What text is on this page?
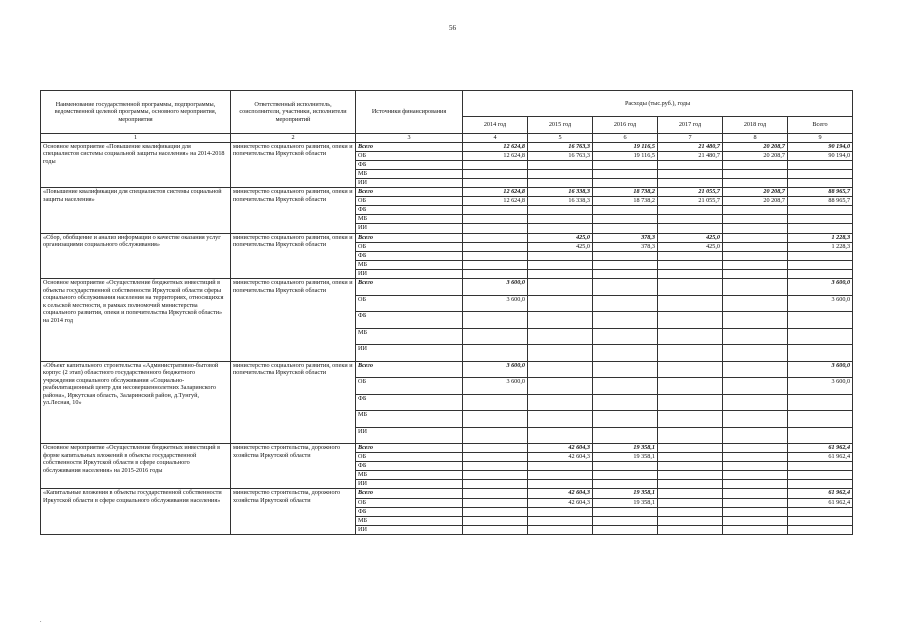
56
Наименование государственной программы, подпрограммы, ведомственной целевой программы, основного мероприятия, мероприятия	Ответственный исполнитель, соисполнители, участники, исполнители мероприятий	Источники финансирования	Расходы (тыс.руб.), годы					
			2014 год	2015 год	2016 год	2017 год	2018 год	Всего
1	2	3	4	5	6	7	8	9
Основное мероприятие «Повышение квалификации для специалистов системы социальной защиты населения» на 2014-2018 годы	министерство социального развития, опеки и попечительства Иркутской области	Всего	12 624,8	16 763,3	19 116,5	21 480,7	20 208,7	90 194,0
		ОБ	12 624,8	16 763,3	19 116,5	21 480,7	20 208,7	90 194,0
		ФБ						
		МБ						
		ИИ						
«Повышение квалификации для специалистов системы социальной защиты населения»	министерство социального развития, опеки и попечительства Иркутской области	Всего	12 624,8	16 338,3	18 738,2	21 055,7	20 208,7	88 965,7
		ОБ	12 624,8	16 338,3	18 738,2	21 055,7	20 208,7	88 965,7
		ФБ						
		МБ						
		ИИ						
«Сбор, обобщение и анализ информации о качестве оказания услуг организациями социального обслуживания»	министерство социального развития, опеки и попечительства Иркутской области	Всего		425,0	378,3	425,0		1 228,3
		ОБ		425,0	378,3	425,0		1 228,3
		ФБ						
		МБ						
		ИИ						
Основное мероприятие «Осуществление бюджетных инвестиций в объекты государственной собственности Иркутской области сферы социального обслуживания населения на территориях, относящихся к сельской местности, в рамках полномочий министерства социального развития, опеки и попечительства Иркутской области» на 2014 год	министерство социального развития, опеки и попечительства Иркутской области	Всего	3 600,0					3 600,0
		ОБ	3 600,0					3 600,0
		ФБ						
		МБ						
		ИИ						
«Объект капитального строительства «Административно-бытовой корпус (2 этап) областного государственного бюджетного учреждения социального обслуживания «Социально-реабилитационный центр для несовершеннолетних Заларинского района», Иркутская область, Заларинский район, д.Тунгуй, ул.Лесная, 10»	министерство социального развития, опеки и попечительства Иркутской области	Всего	3 600,0					3 600,0
		ОБ	3 600,0					3 600,0
		ФБ						
		МБ						
		ИИ						
Основное мероприятие «Осуществление бюджетных инвестиций в форме капитальных вложений в объекты государственной собственности Иркутской области в сфере социального обслуживания населения» на 2015-2016 годы	министерство строительства, дорожного хозяйства Иркутской области	Всего		42 604,3	19 358,1			61 962,4
		ОБ		42 604,3	19 358,1			61 962,4
		ФБ						
		МБ						
		ИИ						
«Капитальные вложения в объекты государственной собственности Иркутской области в сфере социального обслуживания населения»	министерство строительства, дорожного хозяйства Иркутской области	Всего		42 604,3	19 358,1			61 962,4
		ОБ		42 604,3	19 358,1			61 962,4
		ФБ						
		МБ						
		ИИ						
.
